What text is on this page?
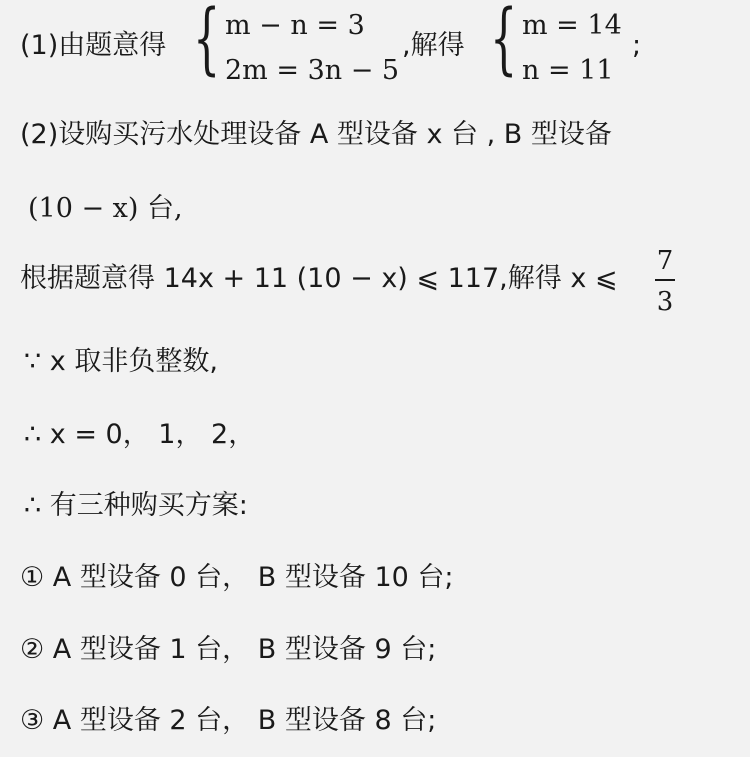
(1)由题意得 { m − n = 3
2m = 3n − 5
,解得 { m = 14
n = 11
;
(2)设购买污水处理设备 A 型设备 x 台 , B 型设备
(10 − x) 台,
根据题意得 14x + 11 (10 − x) ⩽ 117,解得 x ⩽
7
3
∵ x 取非负整数,
∴ x = 0， 1， 2，
∴ 有三种购买方案:
① A 型设备 0 台， B 型设备 10 台;
② A 型设备 1 台， B 型设备 9 台;
③ A 型设备 2 台， B 型设备 8 台;
